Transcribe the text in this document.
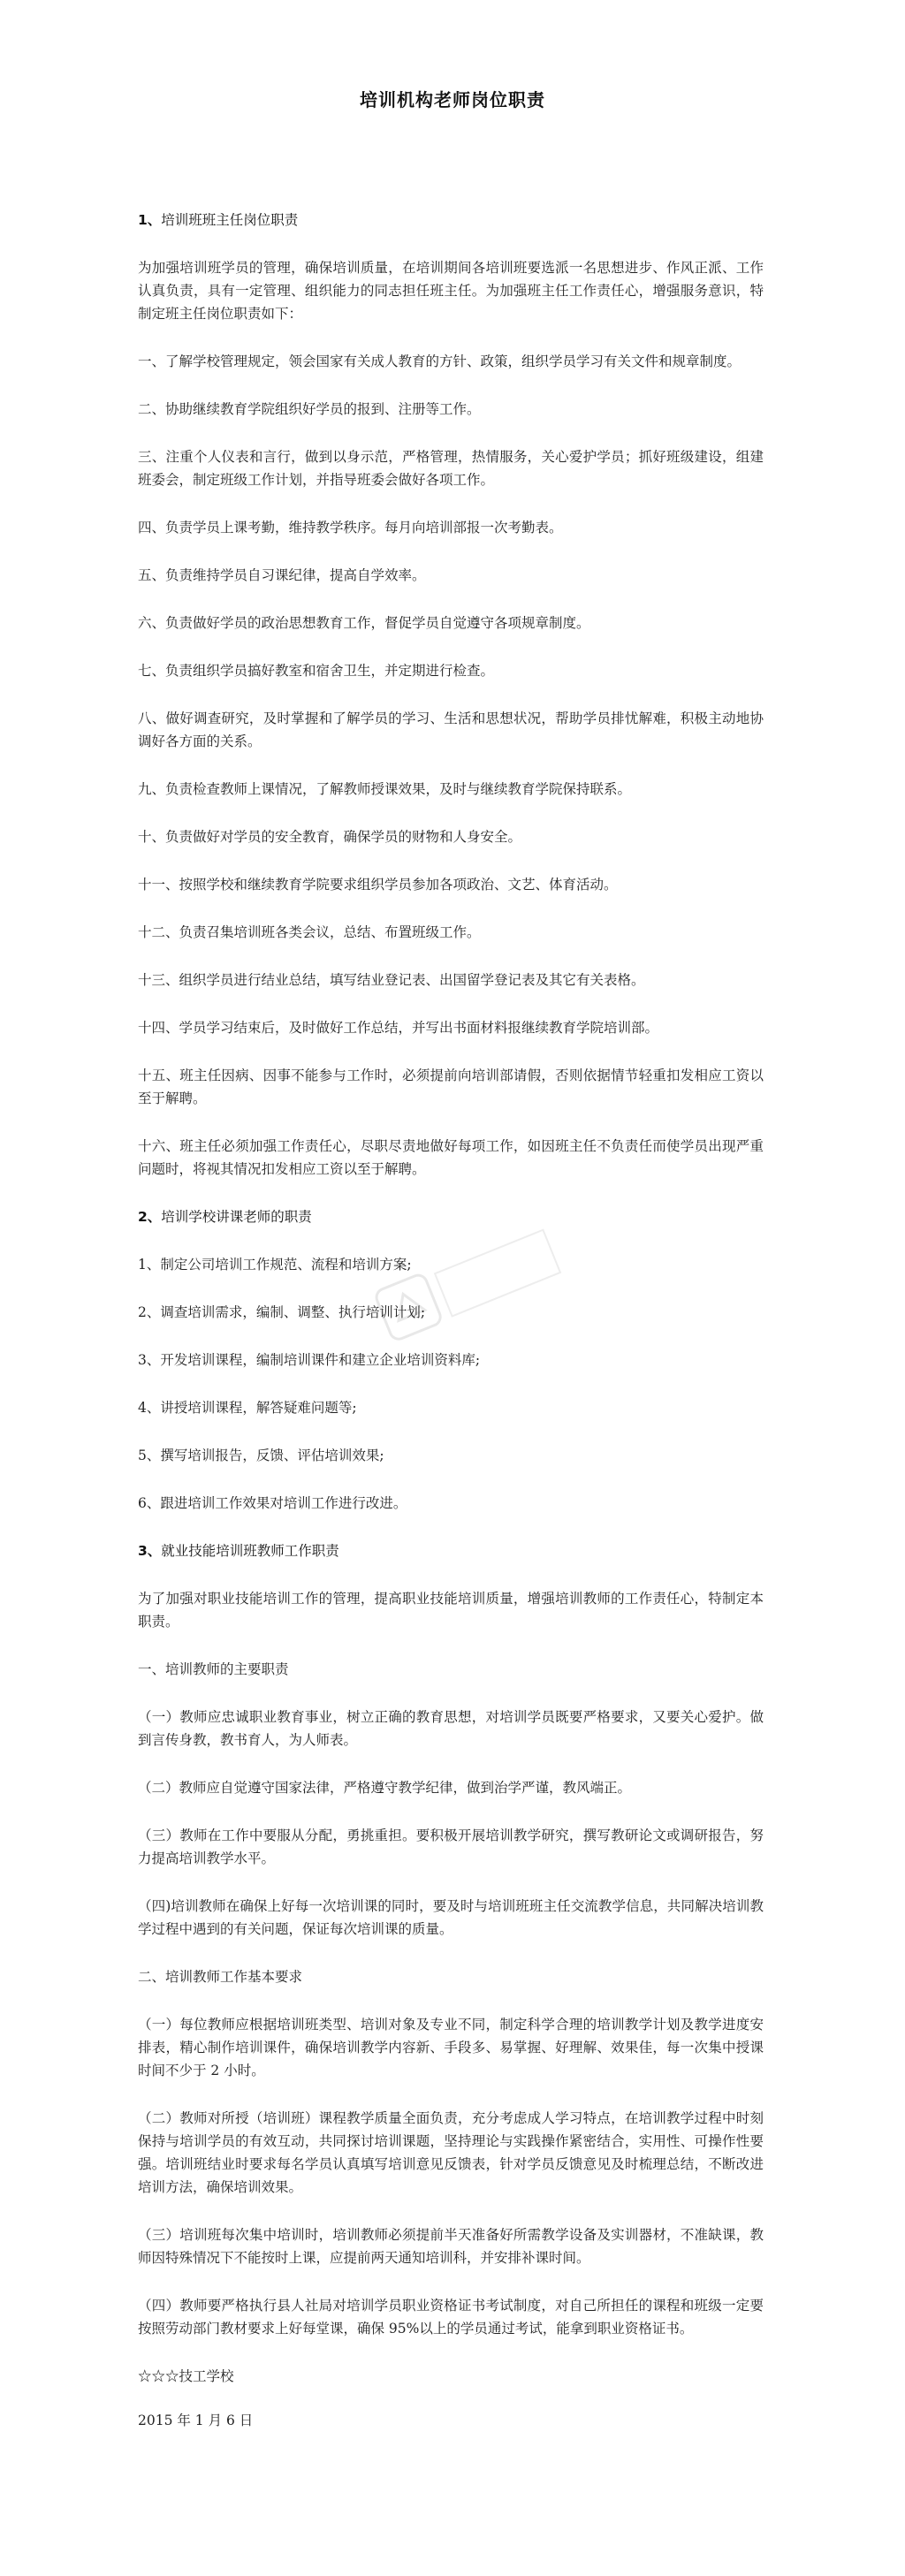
培训机构老师岗位职责
1、培训班班主任岗位职责
为加强培训班学员的管理，确保培训质量，在培训期间各培训班要选派一名思想进步、作风正派、工作认真负责，具有一定管理、组织能力的同志担任班主任。为加强班主任工作责任心，增强服务意识，特制定班主任岗位职责如下：
一、了解学校管理规定，领会国家有关成人教育的方针、政策，组织学员学习有关文件和规章制度。
二、协助继续教育学院组织好学员的报到、注册等工作。
三、注重个人仪表和言行，做到以身示范，严格管理，热情服务，关心爱护学员；抓好班级建设，组建班委会，制定班级工作计划，并指导班委会做好各项工作。
四、负责学员上课考勤，维持教学秩序。每月向培训部报一次考勤表。
五、负责维持学员自习课纪律，提高自学效率。
六、负责做好学员的政治思想教育工作，督促学员自觉遵守各项规章制度。
七、负责组织学员搞好教室和宿舍卫生，并定期进行检查。
八、做好调查研究，及时掌握和了解学员的学习、生活和思想状况，帮助学员排忧解难，积极主动地协调好各方面的关系。
九、负责检查教师上课情况，了解教师授课效果，及时与继续教育学院保持联系。
十、负责做好对学员的安全教育，确保学员的财物和人身安全。
十一、按照学校和继续教育学院要求组织学员参加各项政治、文艺、体育活动。
十二、负责召集培训班各类会议，总结、布置班级工作。
十三、组织学员进行结业总结，填写结业登记表、出国留学登记表及其它有关表格。
十四、学员学习结束后，及时做好工作总结，并写出书面材料报继续教育学院培训部。
十五、班主任因病、因事不能参与工作时，必须提前向培训部请假，否则依据情节轻重扣发相应工资以至于解聘。
十六、班主任必须加强工作责任心，尽职尽责地做好每项工作，如因班主任不负责任而使学员出现严重问题时，将视其情况扣发相应工资以至于解聘。
2、培训学校讲课老师的职责
1、制定公司培训工作规范、流程和培训方案;
2、调查培训需求，编制、调整、执行培训计划;
3、开发培训课程，编制培训课件和建立企业培训资料库;
4、讲授培训课程，解答疑难问题等;
5、撰写培训报告，反馈、评估培训效果;
6、跟进培训工作效果对培训工作进行改进。
3、就业技能培训班教师工作职责
为了加强对职业技能培训工作的管理，提高职业技能培训质量，增强培训教师的工作责任心，特制定本职责。
一、培训教师的主要职责
（一）教师应忠诚职业教育事业，树立正确的教育思想，对培训学员既要严格要求，又要关心爱护。做到言传身教，教书育人，为人师表。
（二）教师应自觉遵守国家法律，严格遵守教学纪律，做到治学严谨，教风端正。
（三）教师在工作中要服从分配，勇挑重担。要积极开展培训教学研究，撰写教研论文或调研报告，努力提高培训教学水平。
（四)培训教师在确保上好每一次培训课的同时，要及时与培训班班主任交流教学信息，共同解决培训教学过程中遇到的有关问题，保证每次培训课的质量。
二、培训教师工作基本要求
（一）每位教师应根据培训班类型、培训对象及专业不同，制定科学合理的培训教学计划及教学进度安排表，精心制作培训课件，确保培训教学内容新、手段多、易掌握、好理解、效果佳，每一次集中授课时间不少于 2 小时。
（二）教师对所授（培训班）课程教学质量全面负责，充分考虑成人学习特点，在培训教学过程中时刻保持与培训学员的有效互动，共同探讨培训课题，坚持理论与实践操作紧密结合，实用性、可操作性要强。培训班结业时要求每名学员认真填写培训意见反馈表，针对学员反馈意见及时梳理总结，不断改进培训方法，确保培训效果。
（三）培训班每次集中培训时，培训教师必须提前半天准备好所需教学设备及实训器材，不准缺课，教师因特殊情况下不能按时上课，应提前两天通知培训科，并安排补课时间。
（四）教师要严格执行县人社局对培训学员职业资格证书考试制度，对自己所担任的课程和班级一定要按照劳动部门教材要求上好每堂课，确保 95%以上的学员通过考试，能拿到职业资格证书。
☆☆☆技工学校
2015 年 1 月 6 日
